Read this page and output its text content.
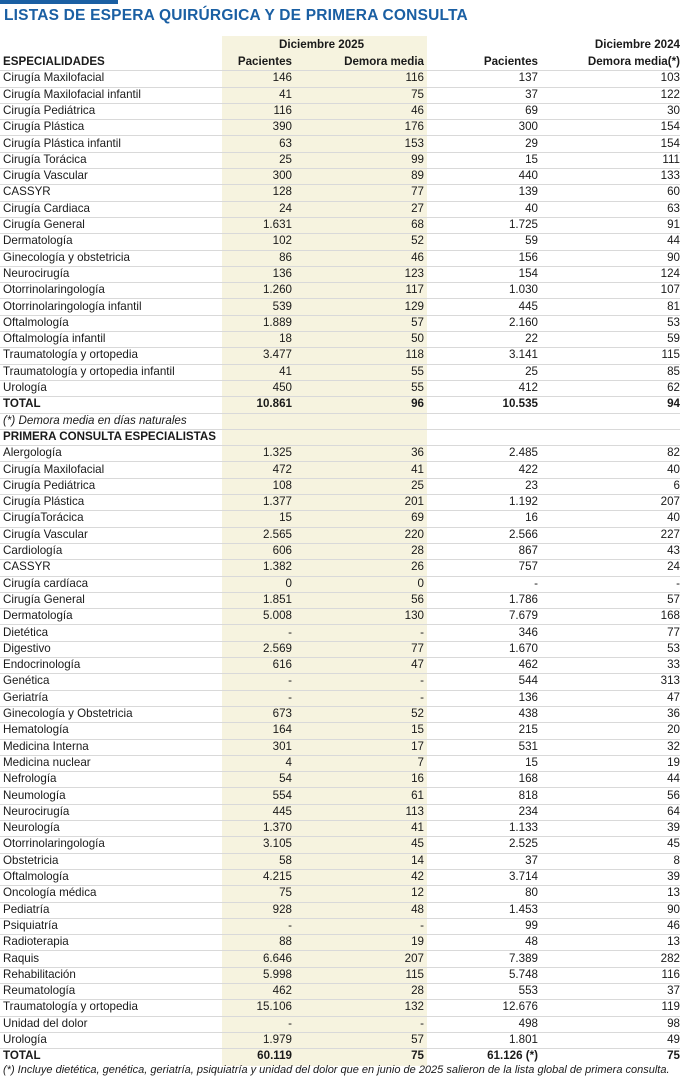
LISTAS DE ESPERA QUIRÚRGICA Y DE PRIMERA CONSULTA
Diciembre 2025	Diciembre 2024
ESPECIALIDADES	Pacientes	Demora media	Pacientes	Demora media(*)
Cirugía Maxilofacial	146	116	137	103
Cirugía Maxilofacial infantil	41	75	37	122
Cirugía Pediátrica	116	46	69	30
Cirugía Plástica	390	176	300	154
Cirugía Plástica infantil	63	153	29	154
Cirugía Torácica	25	99	15	111
Cirugía Vascular	300	89	440	133
CASSYR	128	77	139	60
Cirugía Cardiaca	24	27	40	63
Cirugía General	1.631	68	1.725	91
Dermatología	102	52	59	44
Ginecología y obstetricia	86	46	156	90
Neurocirugía	136	123	154	124
Otorrinolaringología	1.260	117	1.030	107
Otorrinolaringología infantil	539	129	445	81
Oftalmología	1.889	57	2.160	53
Oftalmología infantil	18	50	22	59
Traumatología y ortopedia	3.477	118	3.141	115
Traumatología y ortopedia infantil	41	55	25	85
Urología	450	55	412	62
TOTAL	10.861	96	10.535	94
(*) Demora media en días naturales
PRIMERA CONSULTA ESPECIALISTAS
Alergología	1.325	36	2.485	82
Cirugía Maxilofacial	472	41	422	40
Cirugía Pediátrica	108	25	23	6
Cirugía Plástica	1.377	201	1.192	207
CirugíaTorácica	15	69	16	40
Cirugía Vascular	2.565	220	2.566	227
Cardiología	606	28	867	43
CASSYR	1.382	26	757	24
Cirugía cardíaca	0	0	-	-
Cirugía General	1.851	56	1.786	57
Dermatología	5.008	130	7.679	168
Dietética	-	-	346	77
Digestivo	2.569	77	1.670	53
Endocrinología	616	47	462	33
Genética	-	-	544	313
Geriatría	-	-	136	47
Ginecología y Obstetricia	673	52	438	36
Hematología	164	15	215	20
Medicina Interna	301	17	531	32
Medicina nuclear	4	7	15	19
Nefrología	54	16	168	44
Neumología	554	61	818	56
Neurocirugía	445	113	234	64
Neurología	1.370	41	1.133	39
Otorrinolaringología	3.105	45	2.525	45
Obstetricia	58	14	37	8
Oftalmología	4.215	42	3.714	39
Oncología médica	75	12	80	13
Pediatría	928	48	1.453	90
Psiquiatría	-	-	99	46
Radioterapia	88	19	48	13
Raquis	6.646	207	7.389	282
Rehabilitación	5.998	115	5.748	116
Reumatología	462	28	553	37
Traumatología y ortopedia	15.106	132	12.676	119
Unidad del dolor	-	-	498	98
Urología	1.979	57	1.801	49
TOTAL	60.119	75	61.126 (*)	75
(*) Incluye dietética, genética, geriatría, psiquiatría y unidad del dolor que en junio de 2025 salieron de la lista global de primera consulta.
